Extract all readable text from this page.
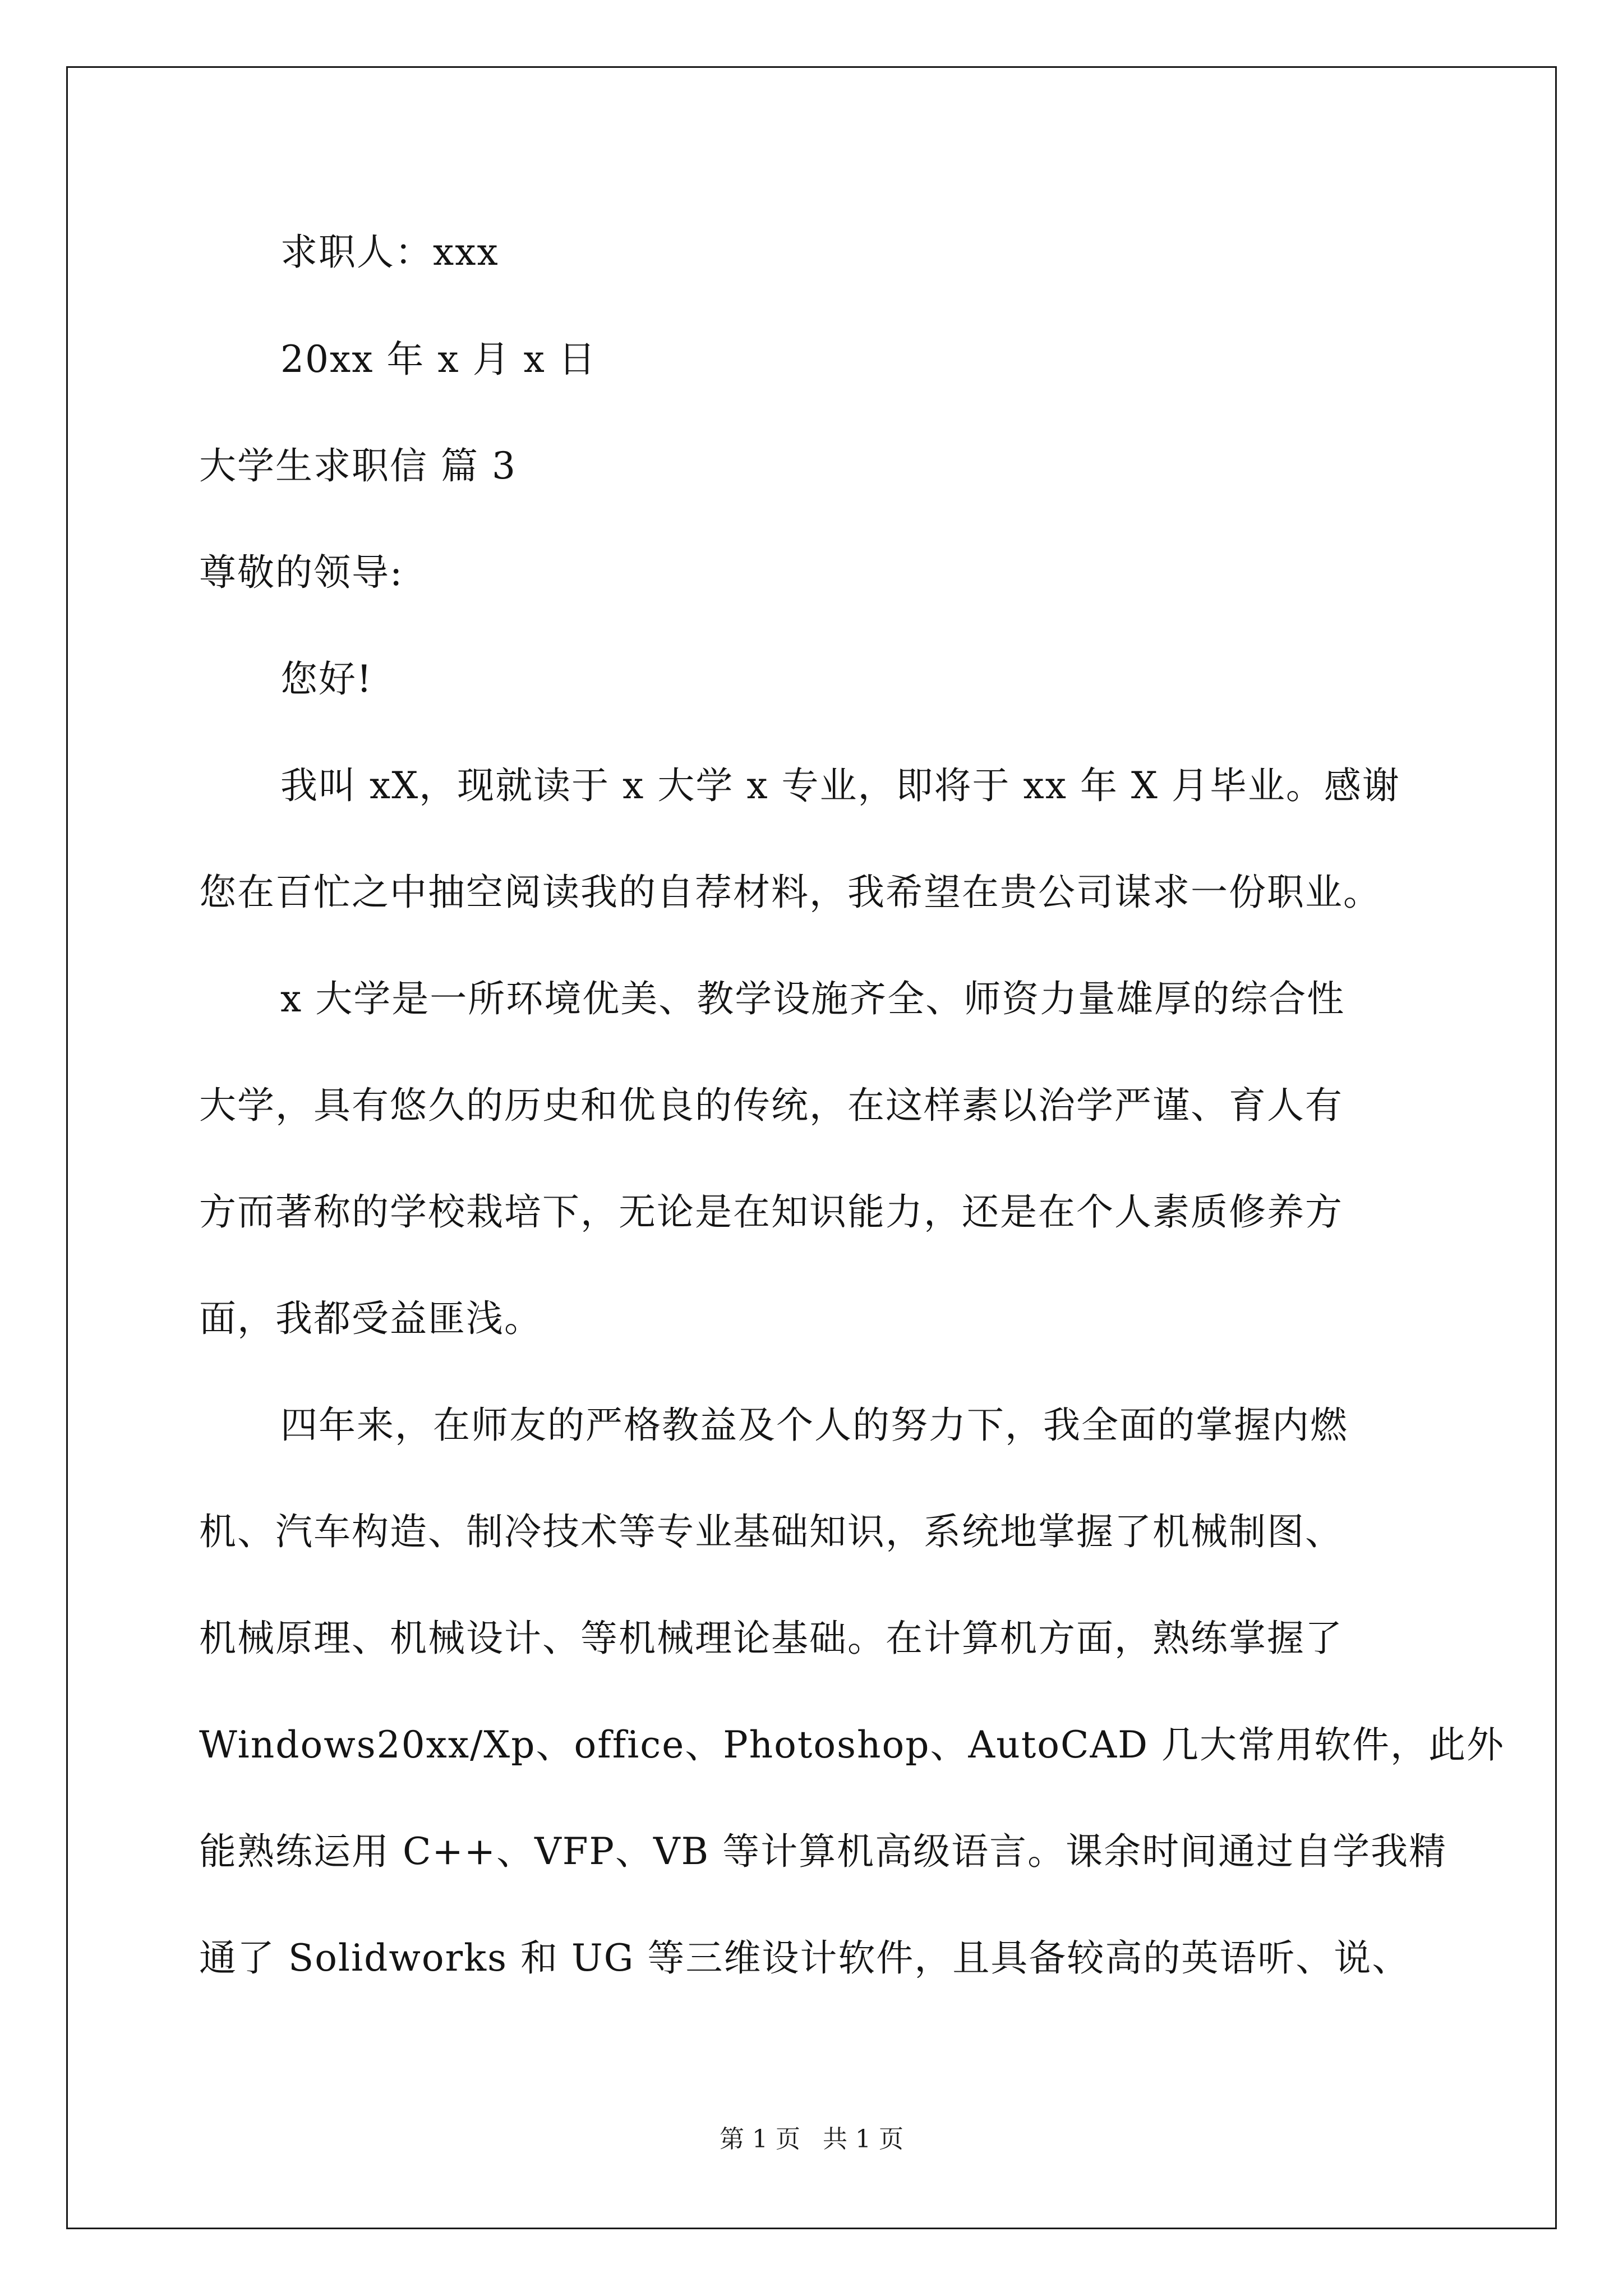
求职人：xxx
20xx 年 x 月 x 日
大学生求职信 篇 3
尊敬的领导:
您好!
我叫 xX，现就读于 x 大学 x 专业，即将于 xx 年 X 月毕业。感谢
您在百忙之中抽空阅读我的自荐材料，我希望在贵公司谋求一份职业。
x 大学是一所环境优美、教学设施齐全、师资力量雄厚的综合性
大学，具有悠久的历史和优良的传统，在这样素以治学严谨、育人有
方而著称的学校栽培下，无论是在知识能力，还是在个人素质修养方
面，我都受益匪浅。
四年来，在师友的严格教益及个人的努力下，我全面的掌握内燃
机、汽车构造、制冷技术等专业基础知识，系统地掌握了机械制图、
机械原理、机械设计、等机械理论基础。在计算机方面，熟练掌握了
Windows20xx/Xp、office、Photoshop、AutoCAD 几大常用软件，此外
能熟练运用 C++、VFP、VB 等计算机高级语言。课余时间通过自学我精
通了 Solidworks 和 UG 等三维设计软件，且具备较高的英语听、说、
第 1 页 共 1 页
